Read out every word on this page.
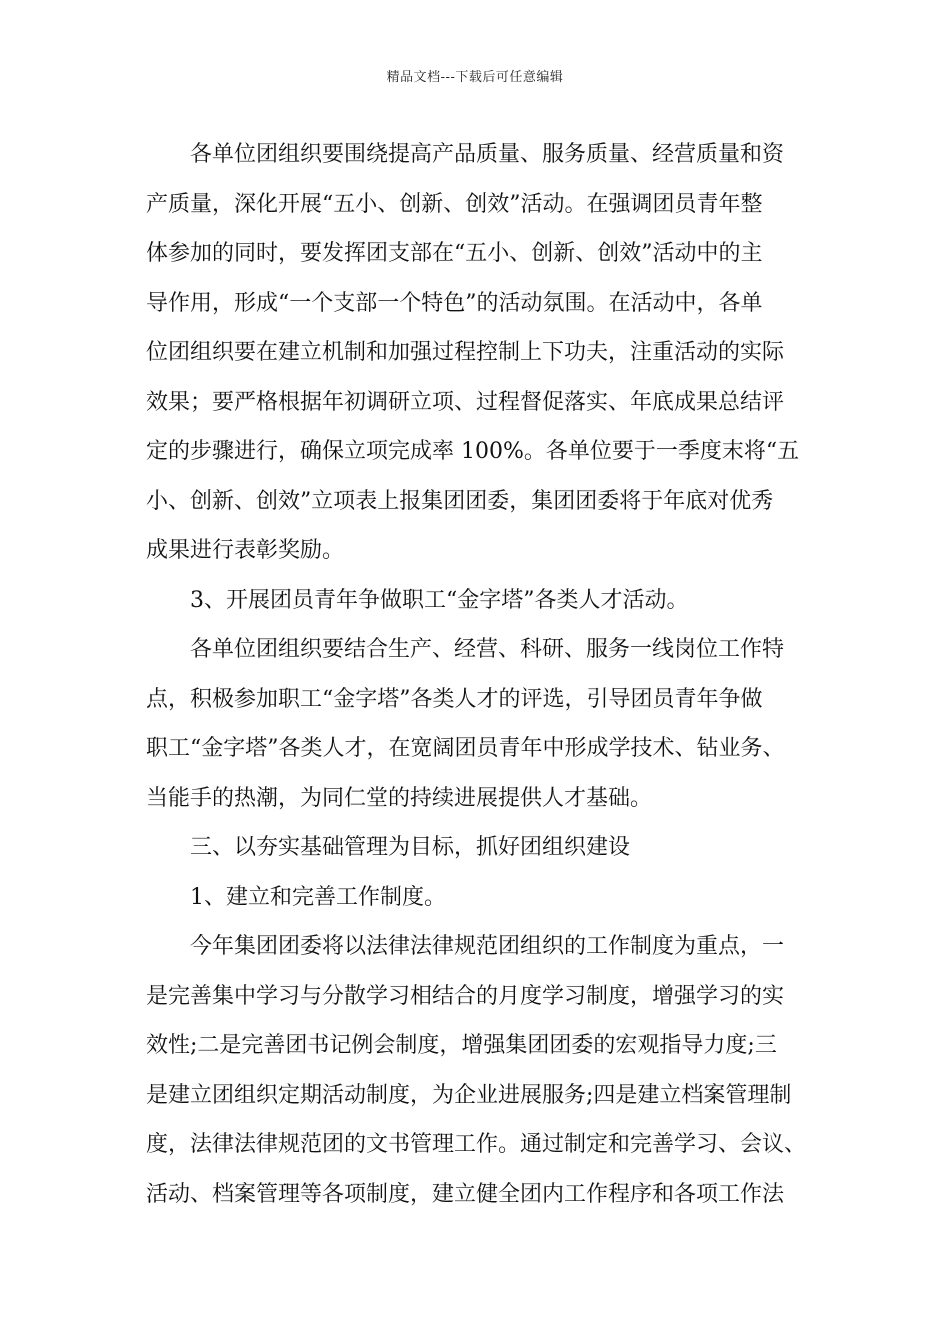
精品文档---下载后可任意编辑
各单位团组织要围绕提高产品质量、服务质量、经营质量和资
产质量，深化开展“五小、创新、创效”活动。在强调团员青年整
体参加的同时，要发挥团支部在“五小、创新、创效”活动中的主
导作用，形成“一个支部一个特色”的活动氛围。在活动中，各单
位团组织要在建立机制和加强过程控制上下功夫，注重活动的实际
效果；要严格根据年初调研立项、过程督促落实、年底成果总结评
定的步骤进行，确保立项完成率 100%。各单位要于一季度末将“五
小、创新、创效”立项表上报集团团委，集团团委将于年底对优秀
成果进行表彰奖励。
3、开展团员青年争做职工“金字塔”各类人才活动。
各单位团组织要结合生产、经营、科研、服务一线岗位工作特
点，积极参加职工“金字塔”各类人才的评选，引导团员青年争做
职工“金字塔”各类人才，在宽阔团员青年中形成学技术、钻业务、
当能手的热潮，为同仁堂的持续进展提供人才基础。
三、以夯实基础管理为目标，抓好团组织建设
1、建立和完善工作制度。
今年集团团委将以法律法律规范团组织的工作制度为重点，一
是完善集中学习与分散学习相结合的月度学习制度，增强学习的实
效性;二是完善团书记例会制度，增强集团团委的宏观指导力度;三
是建立团组织定期活动制度，为企业进展服务;四是建立档案管理制
度，法律法律规范团的文书管理工作。通过制定和完善学习、会议、
活动、档案管理等各项制度，建立健全团内工作程序和各项工作法
